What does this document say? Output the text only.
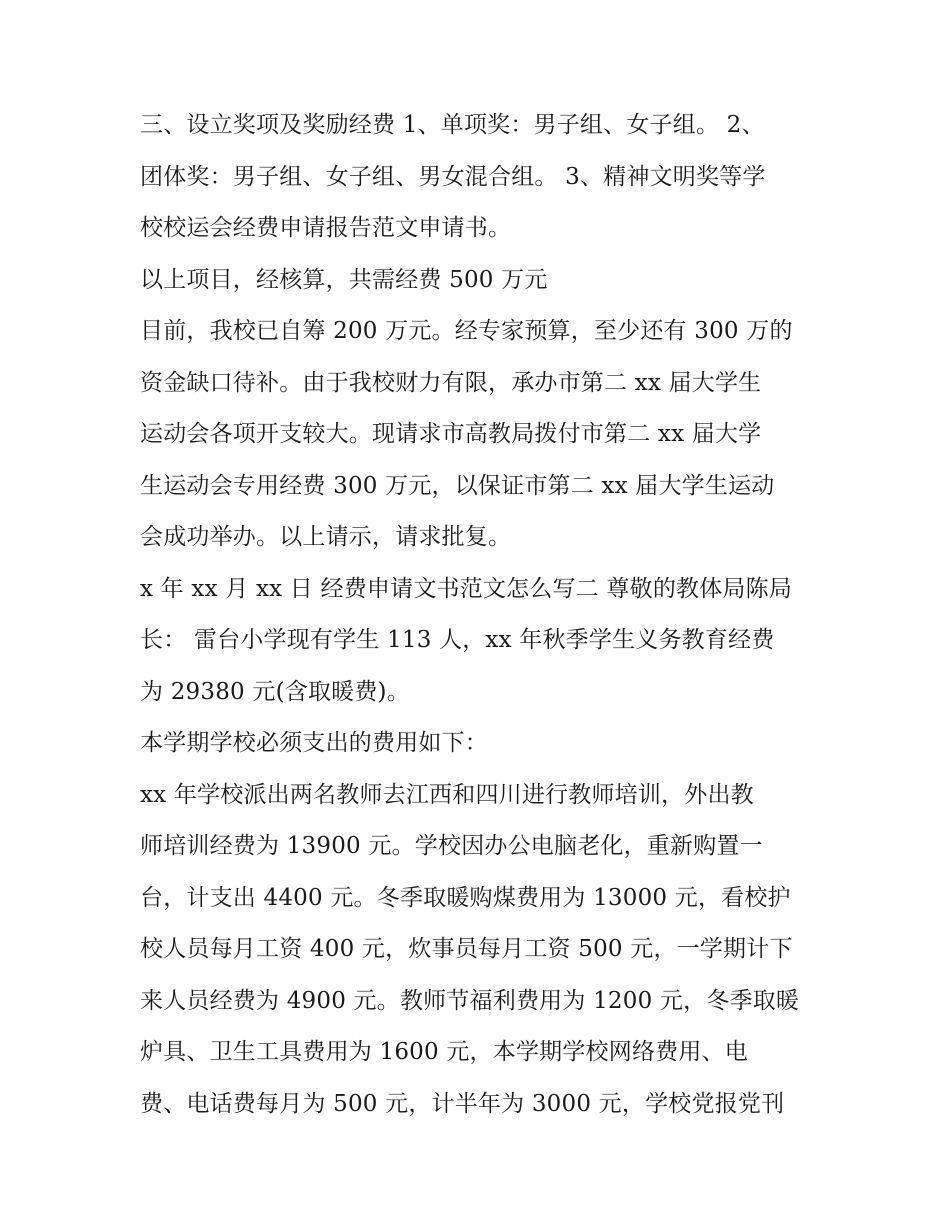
三、设立奖项及奖励经费 1、单项奖：男子组、女子组。 2、
团体奖：男子组、女子组、男女混合组。 3、精神文明奖等学
校校运会经费申请报告范文申请书。
以上项目，经核算，共需经费 500 万元
目前，我校已自筹 200 万元。经专家预算，至少还有 300 万的
资金缺口待补。由于我校财力有限，承办市第二 xx 届大学生
运动会各项开支较大。现请求市高教局拨付市第二 xx 届大学
生运动会专用经费 300 万元，以保证市第二 xx 届大学生运动
会成功举办。以上请示，请求批复。
x 年 xx 月 xx 日 经费申请文书范文怎么写二 尊敬的教体局陈局
长： 雷台小学现有学生 113 人，xx 年秋季学生义务教育经费
为 29380 元(含取暖费)。
本学期学校必须支出的费用如下：
xx 年学校派出两名教师去江西和四川进行教师培训，外出教
师培训经费为 13900 元。学校因办公电脑老化，重新购置一
台，计支出 4400 元。冬季取暖购煤费用为 13000 元，看校护
校人员每月工资 400 元，炊事员每月工资 500 元，一学期计下
来人员经费为 4900 元。教师节福利费用为 1200 元，冬季取暖
炉具、卫生工具费用为 1600 元，本学期学校网络费用、电
费、电话费每月为 500 元，计半年为 3000 元，学校党报党刊
